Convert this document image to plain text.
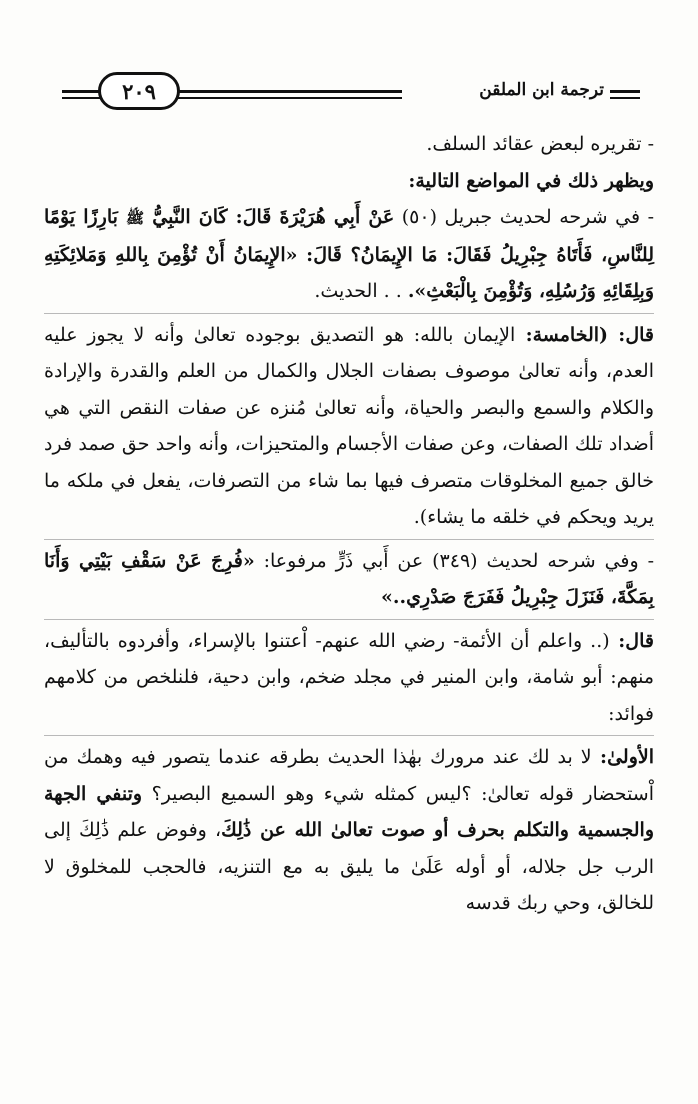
٢٠٩	ترجمة ابن الملقن

- تقريره لبعض عقائد السلف.

ويظهر ذلك في المواضع التالية:

- في شرحه لحديث جبريل (٥٠) عَنْ أَبِي هُرَيْرَةَ قَالَ: كَانَ النَّبِيُّ ﷺ بَارِزًا يَوْمًا لِلنَّاسِ، فَأَتَاهُ جِبْرِيلُ فَقَالَ: مَا الإِيمَانُ؟ قَالَ: «الإِيمَانُ أَنْ تُؤْمِنَ بِاللهِ وَمَلائِكَتِهِ وَبِلِقَائِهِ وَرُسُلِهِ، وَتُؤْمِنَ بِالْبَعْثِ». . . الحديث.

قال: (الخامسة: الإيمان بالله: هو التصديق بوجوده تعالىٰ وأنه لا يجوز عليه العدم، وأنه تعالىٰ موصوف بصفات الجلال والكمال من العلم والقدرة والإرادة والكلام والسمع والبصر والحياة، وأنه تعالىٰ مُنزه عن صفات النقص التي هي أضداد تلك الصفات، وعن صفات الأجسام والمتحيزات، وأنه واحد حق صمد فرد خالق جميع المخلوقات متصرف فيها بما شاء من التصرفات، يفعل في ملكه ما يريد ويحكم في خلقه ما يشاء).

- وفي شرحه لحديث (٣٤٩) عن أَبي ذَرٍّ مرفوعا: «فُرِجَ عَنْ سَقْفِ بَيْتِي وَأَنَا بِمَكَّةَ، فَنَزَلَ جِبْرِيلُ فَفَرَجَ صَدْرِي..»

قال: (.. واعلم أن الأئمة- رضي الله عنهم- اْعتنوا بالإسراء، وأفردوه بالتأليف، منهم: أبو شامة، وابن المنير في مجلد ضخم، وابن دحية، فلنلخص من كلامهم فوائد:

الأولىٰ: لا بد لك عند مرورك بهٰذا الحديث بطرقه عندما يتصور فيه وهمك من اْستحضار قوله تعالىٰ: ؟ليس كمثله شيء وهو السميع البصير؟ وتنفي الجهة والجسمية والتكلم بحرف أو صوت تعالىٰ الله عن ذَٰلِكَ، وفوض علم ذَٰلِكَ إلى الرب جل جلاله، أو أوله عَلَىٰ ما يليق به مع التنزيه، فالحجب للمخلوق لا للخالق، وحي ربك قدسه
